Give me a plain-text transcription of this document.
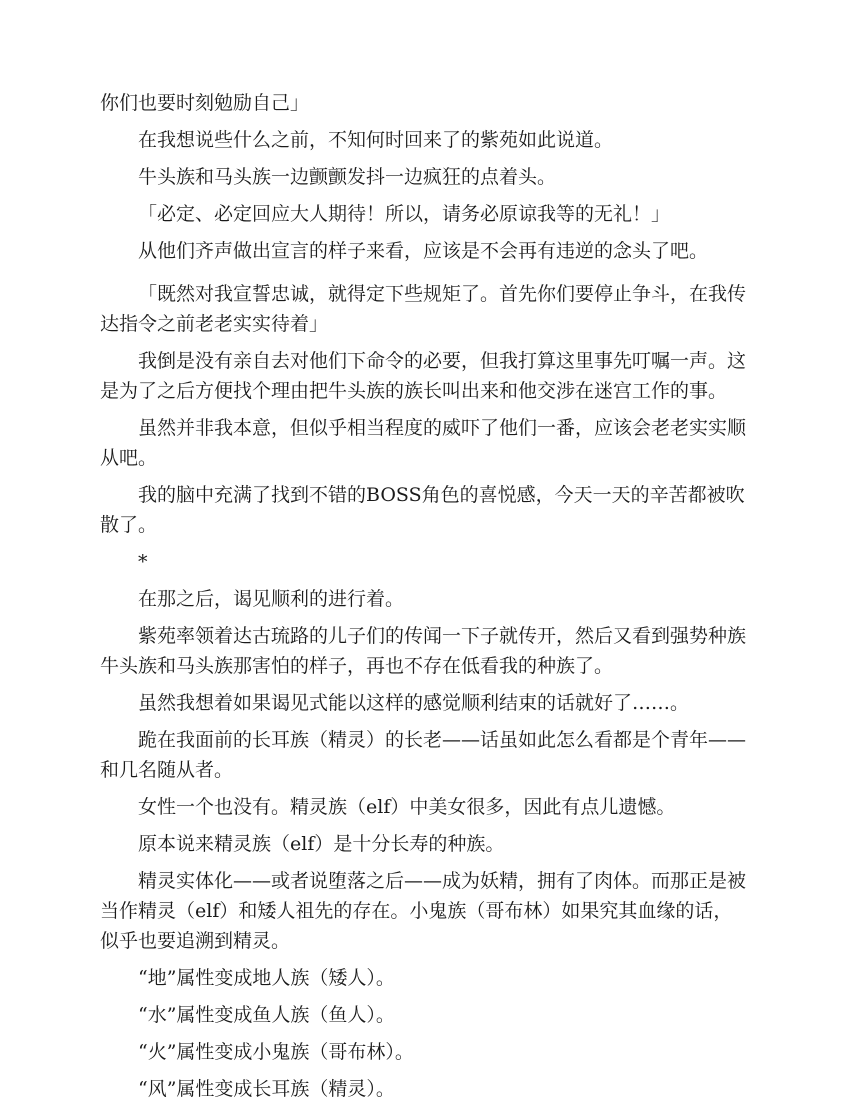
你们也要时刻勉励自己」

在我想说些什么之前，不知何时回来了的紫苑如此说道。

牛头族和马头族一边颤颤发抖一边疯狂的点着头。

「必定、必定回应大人期待！所以，请务必原谅我等的无礼！」

从他们齐声做出宣言的样子来看，应该是不会再有违逆的念头了吧。

「既然对我宣誓忠诚，就得定下些规矩了。首先你们要停止争斗，在我传达指令之前老老实实待着」

我倒是没有亲自去对他们下命令的必要，但我打算这里事先叮嘱一声。这是为了之后方便找个理由把牛头族的族长叫出来和他交涉在迷宫工作的事。

虽然并非我本意，但似乎相当程度的威吓了他们一番，应该会老老实实顺从吧。

我的脑中充满了找到不错的BOSS角色的喜悦感，今天一天的辛苦都被吹散了。

*

在那之后，谒见顺利的进行着。

紫苑率领着达古琉路的儿子们的传闻一下子就传开，然后又看到强势种族牛头族和马头族那害怕的样子，再也不存在低看我的种族了。

虽然我想着如果谒见式能以这样的感觉顺利结束的话就好了……。

跪在我面前的长耳族（精灵）的长老——话虽如此怎么看都是个青年——和几名随从者。

女性一个也没有。精灵族（elf）中美女很多，因此有点儿遗憾。

原本说来精灵族（elf）是十分长寿的种族。

精灵实体化——或者说堕落之后——成为妖精，拥有了肉体。而那正是被当作精灵（elf）和矮人祖先的存在。小鬼族（哥布林）如果究其血缘的话，似乎也要追溯到精灵。

“地”属性变成地人族（矮人）。

“水”属性变成鱼人族（鱼人）。

“火”属性变成小鬼族（哥布林）。

“风”属性变成长耳族（精灵）。
